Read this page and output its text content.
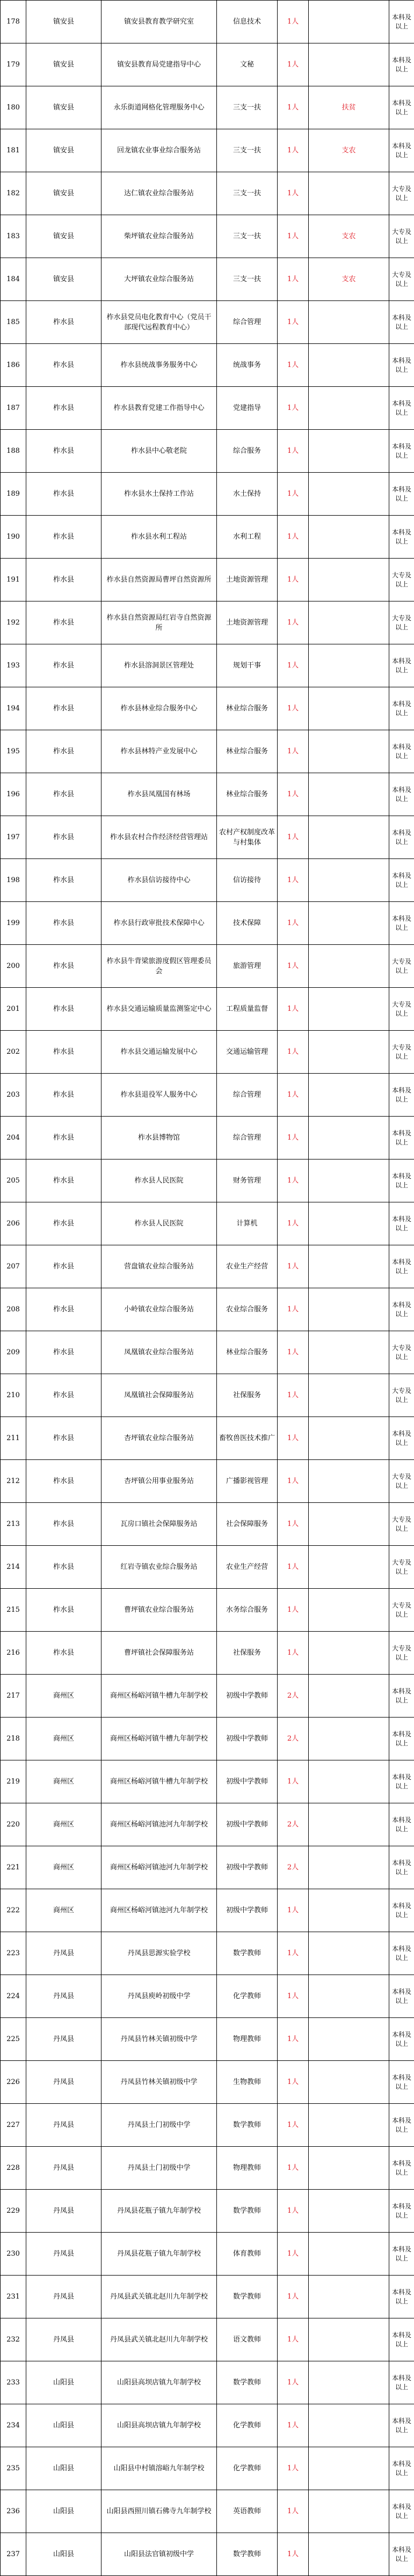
178	镇安县	镇安县教育教学研究室	信息技术	1人		本科及以上
179	镇安县	镇安县教育局党建指导中心	文秘	1人		本科及以上
180	镇安县	永乐街道网格化管理服务中心	三支一扶	1人	扶贫	本科及以上
181	镇安县	回龙镇农业事业综合服务站	三支一扶	1人	支农	本科及以上
182	镇安县	达仁镇农业综合服务站	三支一扶	1人		大专及以上
183	镇安县	柴坪镇农业综合服务站	三支一扶	1人	支农	大专及以上
184	镇安县	大坪镇农业综合服务站	三支一扶	1人	支农	大专及以上
185	柞水县	柞水县党员电化教育中心（党员干部现代远程教育中心）	综合管理	1人		本科及以上
186	柞水县	柞水县统战事务服务中心	统战事务	1人		本科及以上
187	柞水县	柞水县教育党建工作指导中心	党建指导	1人		本科及以上
188	柞水县	柞水县中心敬老院	综合服务	1人		本科及以上
189	柞水县	柞水县水土保持工作站	水土保持	1人		本科及以上
190	柞水县	柞水县水利工程站	水利工程	1人		本科及以上
191	柞水县	柞水县自然资源局曹坪自然资源所	土地资源管理	1人		大专及以上
192	柞水县	柞水县自然资源局红岩寺自然资源所	土地资源管理	1人		大专及以上
193	柞水县	柞水县溶洞景区管理处	规划干事	1人		本科及以上
194	柞水县	柞水县林业综合服务中心	林业综合服务	1人		本科及以上
195	柞水县	柞水县林特产业发展中心	林业综合服务	1人		本科及以上
196	柞水县	柞水县凤凰国有林场	林业综合服务	1人		本科及以上
197	柞水县	柞水县农村合作经济经营管理站	农村产权制度改革与村集体	1人		本科及以上
198	柞水县	柞水县信访接待中心	信访接待	1人		本科及以上
199	柞水县	柞水县行政审批技术保障中心	技术保障	1人		本科及以上
200	柞水县	柞水县牛背梁旅游度假区管理委员会	旅游管理	1人		大专及以上
201	柞水县	柞水县交通运输质量监测鉴定中心	工程质量监督	1人		大专及以上
202	柞水县	柞水县交通运输发展中心	交通运输管理	1人		大专及以上
203	柞水县	柞水县退役军人服务中心	综合管理	1人		本科及以上
204	柞水县	柞水县博物馆	综合管理	1人		本科及以上
205	柞水县	柞水县人民医院	财务管理	1人		本科及以上
206	柞水县	柞水县人民医院	计算机	1人		本科及以上
207	柞水县	营盘镇农业综合服务站	农业生产经营	1人		本科及以上
208	柞水县	小岭镇农业综合服务站	农业综合服务	1人		本科及以上
209	柞水县	凤凰镇农业综合服务站	林业综合服务	1人		大专及以上
210	柞水县	凤凰镇社会保障服务站	社保服务	1人		大专及以上
211	柞水县	杏坪镇农业综合服务站	畜牧兽医技术推广	1人		本科及以上
212	柞水县	杏坪镇公用事业服务站	广播影视管理	1人		大专及以上
213	柞水县	瓦房口镇社会保障服务站	社会保障服务	1人		大专及以上
214	柞水县	红岩寺镇农业综合服务站	农业生产经营	1人		大专及以上
215	柞水县	曹坪镇农业综合服务站	水务综合服务	1人		大专及以上
216	柞水县	曹坪镇社会保障服务站	社保服务	1人		大专及以上
217	商州区	商州区杨峪河镇牛槽九年制学校	初级中学教师	2人		本科及以上
218	商州区	商州区杨峪河镇牛槽九年制学校	初级中学教师	2人		本科及以上
219	商州区	商州区杨峪河镇牛槽九年制学校	初级中学教师	1人		本科及以上
220	商州区	商州区杨峪河镇池河九年制学校	初级中学教师	2人		本科及以上
221	商州区	商州区杨峪河镇池河九年制学校	初级中学教师	2人		本科及以上
222	商州区	商州区杨峪河镇池河九年制学校	初级中学教师	1人		本科及以上
223	丹凤县	丹凤县思源实验学校	数学教师	1人		本科及以上
224	丹凤县	丹凤县庾岭初级中学	化学教师	1人		本科及以上
225	丹凤县	丹凤县竹林关镇初级中学	物理教师	1人		本科及以上
226	丹凤县	丹凤县竹林关镇初级中学	生物教师	1人		本科及以上
227	丹凤县	丹凤县土门初级中学	数学教师	1人		本科及以上
228	丹凤县	丹凤县土门初级中学	物理教师	1人		本科及以上
229	丹凤县	丹凤县花瓶子镇九年制学校	数学教师	1人		本科及以上
230	丹凤县	丹凤县花瓶子镇九年制学校	体育教师	1人		本科及以上
231	丹凤县	丹凤县武关镇北赵川九年制学校	数学教师	1人		本科及以上
232	丹凤县	丹凤县武关镇北赵川九年制学校	语文教师	1人		本科及以上
233	山阳县	山阳县高坝店镇九年制学校	数学教师	1人		本科及以上
234	山阳县	山阳县高坝店镇九年制学校	化学教师	1人		本科及以上
235	山阳县	山阳县中村镇溶峪九年制学校	化学教师	1人		本科及以上
236	山阳县	山阳县西照川镇石佛寺九年制学校	英语教师	1人		本科及以上
237	山阳县	山阳县法官镇初级中学	数学教师	1人		本科及以上
